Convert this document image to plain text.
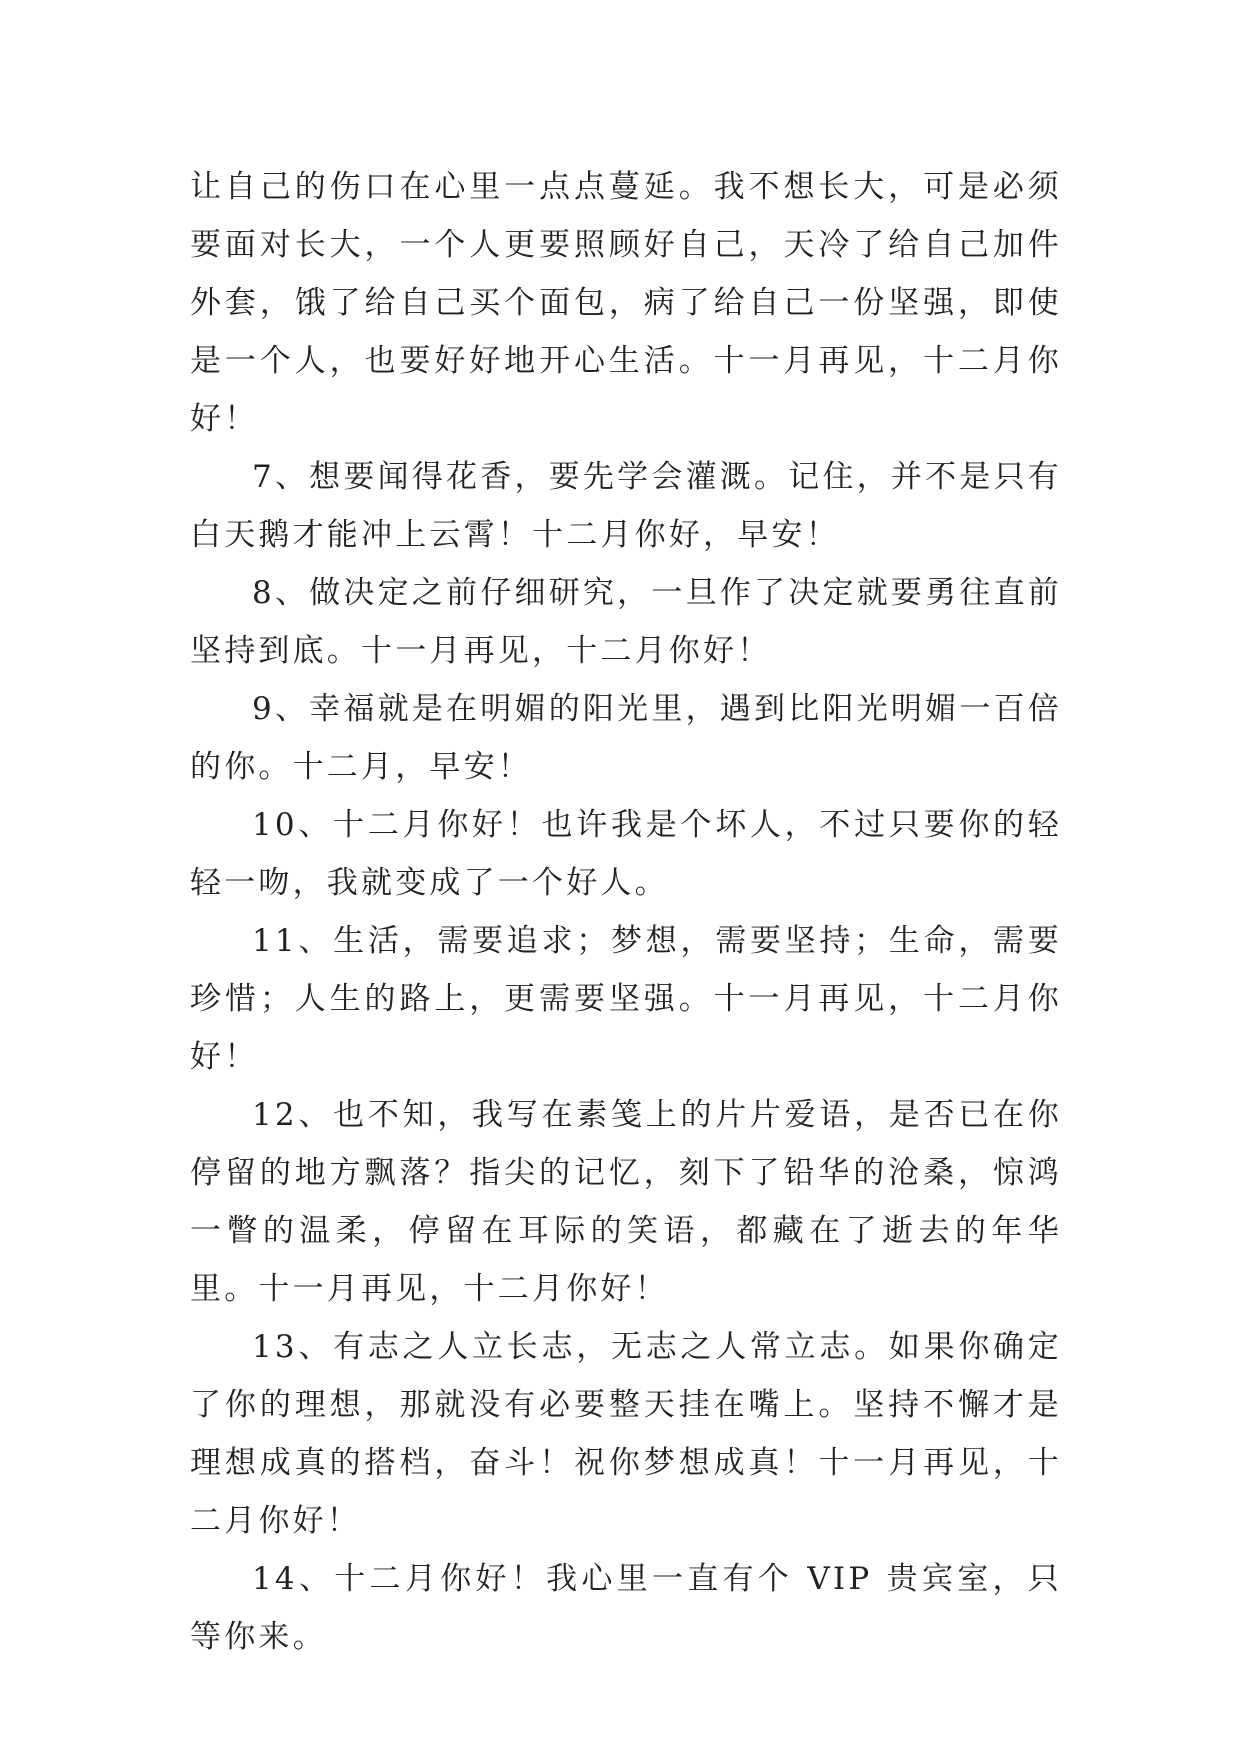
让自己的伤口在心里一点点蔓延。我不想长大，可是必须要面对长大，一个人更要照顾好自己，天冷了给自己加件外套，饿了给自己买个面包，病了给自己一份坚强，即使是一个人，也要好好地开心生活。十一月再见，十二月你好！

7、想要闻得花香，要先学会灌溉。记住，并不是只有白天鹅才能冲上云霄！十二月你好，早安！

8、做决定之前仔细研究，一旦作了决定就要勇往直前坚持到底。十一月再见，十二月你好！

9、幸福就是在明媚的阳光里，遇到比阳光明媚一百倍的你。十二月，早安！

10、十二月你好！也许我是个坏人，不过只要你的轻轻一吻，我就变成了一个好人。

11、生活，需要追求；梦想，需要坚持；生命，需要珍惜；人生的路上，更需要坚强。十一月再见，十二月你好！

12、也不知，我写在素笺上的片片爱语，是否已在你停留的地方飘落？指尖的记忆，刻下了铅华的沧桑，惊鸿一瞥的温柔，停留在耳际的笑语，都藏在了逝去的年华里。十一月再见，十二月你好！

13、有志之人立长志，无志之人常立志。如果你确定了你的理想，那就没有必要整天挂在嘴上。坚持不懈才是理想成真的搭档，奋斗！祝你梦想成真！十一月再见，十二月你好！

14、十二月你好！我心里一直有个 VIP 贵宾室，只等你来。
